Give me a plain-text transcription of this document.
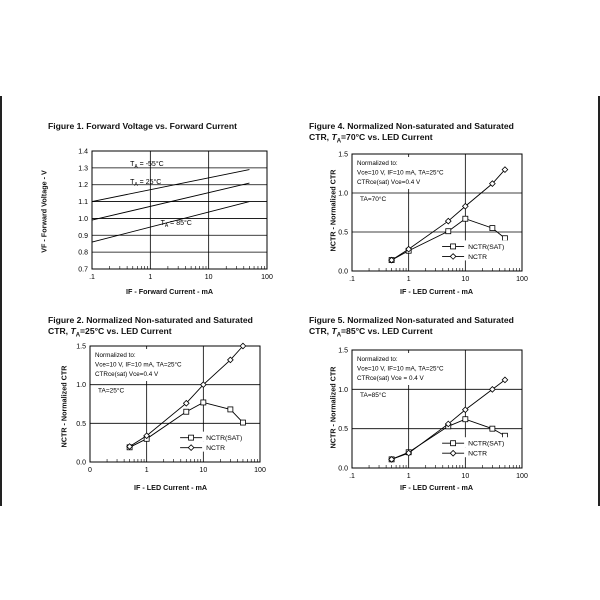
Figure 1. Forward Voltage vs. Forward Current
VF - Forward Voltage - V
IF - Forward Current - mA
.1	1	10	100
0.7
0.8
0.9
1.0
1.1
1.2
1.3
1.4
$T_A = -55^\circ C$
$T_A = 25^\circ C$
$T_A = 85^\circ C$
Figure 4. Normalized Non-saturated and Saturated
CTR, $T_A=70^\circ C$ vs. LED Current
NCTR - Normalized CTR
IF - LED Current - mA
.1	1	10	100
0.0
0.5
1.0
1.5
Normalized to:
Vce=10 V, IF=10 mA, TA=25°C
CTRce(sat) Vce=0.4 V
TA=70°C
NCTR(SAT)
NCTR
Figure 2. Normalized Non-saturated and Saturated
CTR, $T_A=25^\circ C$ vs. LED Current
NCTR - Normalized CTR
IF - LED Current - mA
0	1	10	100
0.0
0.5
1.0
1.5
Normalized to:
Vce=10 V, IF=10 mA, TA=25°C
CTRce(sat) Vce=0.4 V
TA=25°C
NCTR(SAT)
NCTR
Figure 5. Normalized Non-saturated and Saturated
CTR, $T_A=85^\circ C$ vs. LED Current
NCTR - Normalized CTR
IF - LED Current - mA
.1	1	10	100
0.0
0.5
1.0
1.5
Normalized to:
Vce=10 V, IF=10 mA, TA=25°C
CTRce(sat) Vce = 0.4 V
TA=85°C
NCTR(SAT)
NCTR
